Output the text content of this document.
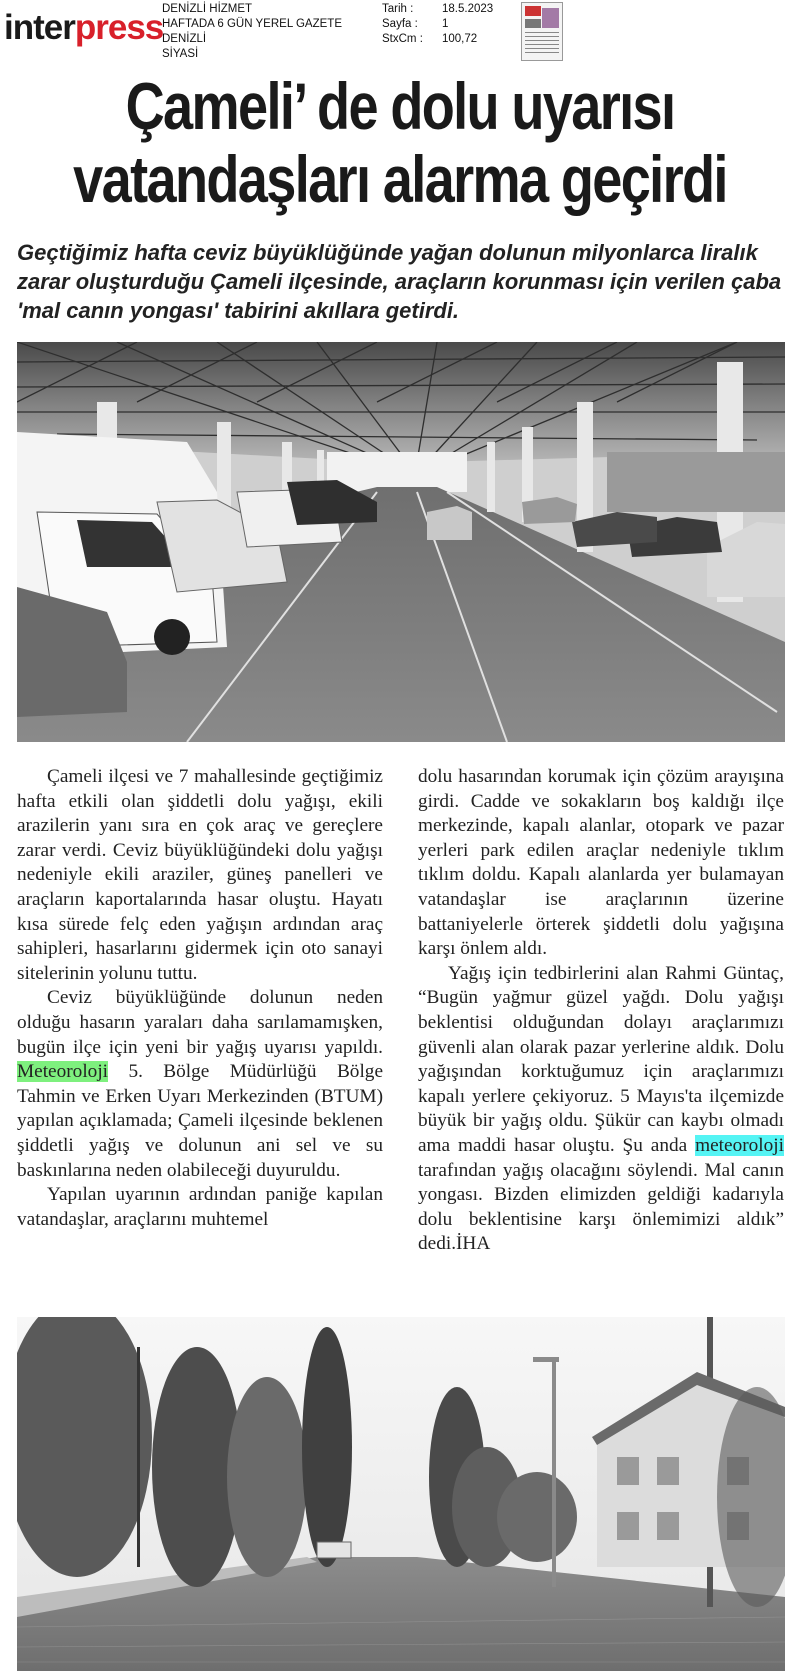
interpress
DENİZLİ HİZMET
HAFTADA 6 GÜN YEREL GAZETE
DENİZLİ
SİYASİ
Tarih :	18.5.2023
Sayfa :	1
StxCm :	100,72
Çameli’ de dolu uyarısı
vatandaşları alarma geçirdi

Geçtiğimiz hafta ceviz büyüklüğünde yağan dolunun milyonlarca liralık zarar oluşturduğu Çameli ilçesinde, araçların korunması için verilen çaba 'mal canın yongası' tabirini akıllara getirdi.

Çameli ilçesi ve 7 mahallesinde geçtiğimiz hafta etkili olan şiddetli dolu yağışı, ekili arazilerin yanı sıra en çok araç ve gereçlere zarar verdi. Ceviz büyüklüğündeki dolu yağışı nedeniyle ekili araziler, güneş panelleri ve araçların kaportalarında hasar oluştu. Hayatı kısa sürede felç eden yağışın ardından araç sahipleri, hasarlarını gidermek için oto sanayi sitelerinin yolunu tuttu.

Ceviz büyüklüğünde dolunun neden olduğu hasarın yaraları daha sarılamamışken, bugün ilçe için yeni bir yağış uyarısı yapıldı. Meteoroloji 5. Bölge Müdürlüğü Bölge Tahmin ve Erken Uyarı Merkezinden (BTUM) yapılan açıklamada; Çameli ilçesinde beklenen şiddetli yağış ve dolunun ani sel ve su baskınlarına neden olabileceği duyuruldu.

Yapılan uyarının ardından paniğe kapılan vatandaşlar, araçlarını muhtemel

dolu hasarından korumak için çözüm arayışına girdi. Cadde ve sokakların boş kaldığı ilçe merkezinde, kapalı alanlar, otopark ve pazar yerleri park edilen araçlar nedeniyle tıklım tıklım doldu. Kapalı alanlarda yer bulamayan vatandaşlar ise araçlarının üzerine battaniyelerle örterek şiddetli dolu yağışına karşı önlem aldı.

Yağış için tedbirlerini alan Rahmi Güntaç, “Bugün yağmur güzel yağdı. Dolu yağışı beklentisi olduğundan dolayı araçlarımızı güvenli alan olarak pazar yerlerine aldık. Dolu yağışından korktuğumuz için araçlarımızı kapalı yerlere çekiyoruz. 5 Mayıs'ta ilçemizde büyük bir yağış oldu. Şükür can kaybı olmadı ama maddi hasar oluştu. Şu anda meteoroloji tarafından yağış olacağını söylendi. Mal canın yongası. Bizden elimizden geldiği kadarıyla dolu beklentisine karşı önlemimizi aldık” dedi.İHA
